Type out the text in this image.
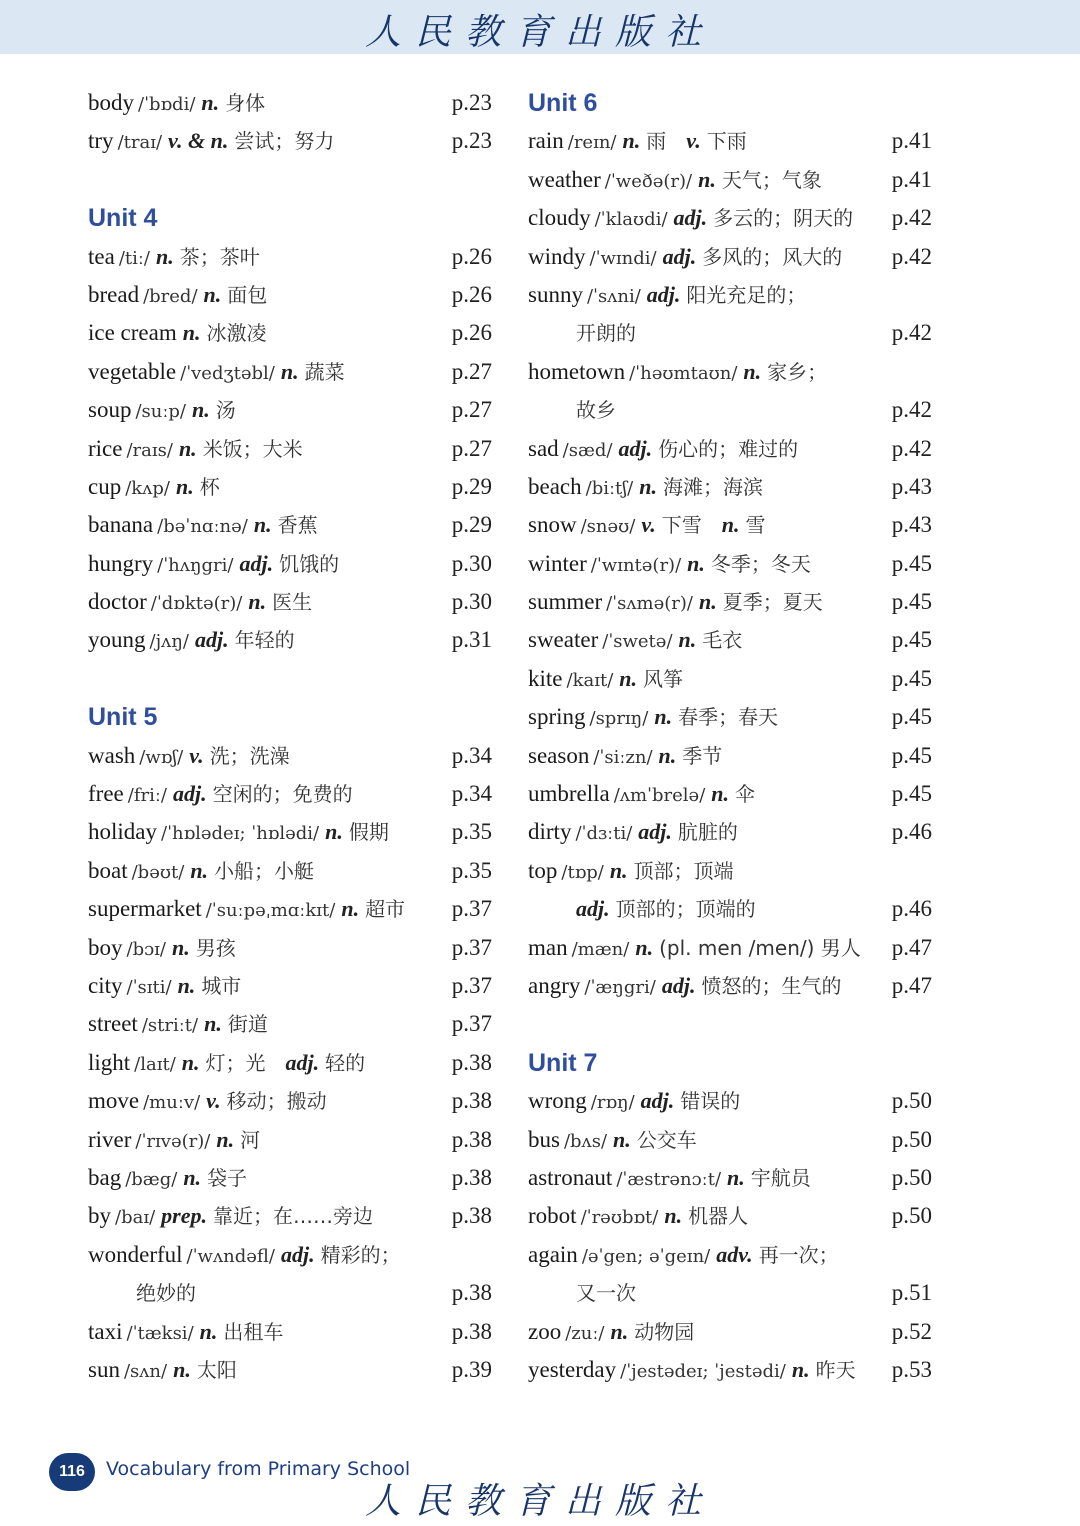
人民教育出版社
body /ˈbɒdi/ n. 身体	p.23
try /traɪ/ v. & n. 尝试；努力	p.23
Unit 4
tea /tiː/ n. 茶；茶叶	p.26
bread /bred/ n. 面包	p.26
ice cream n. 冰激凌	p.26
vegetable /ˈvedʒtəbl/ n. 蔬菜	p.27
soup /suːp/ n. 汤	p.27
rice /raɪs/ n. 米饭；大米	p.27
cup /kʌp/ n. 杯	p.29
banana /bəˈnɑːnə/ n. 香蕉	p.29
hungry /ˈhʌŋgri/ adj. 饥饿的	p.30
doctor /ˈdɒktə(r)/ n. 医生	p.30
young /jʌŋ/ adj. 年轻的	p.31
Unit 5
wash /wɒʃ/ v. 洗；洗澡	p.34
free /friː/ adj. 空闲的；免费的	p.34
holiday /ˈhɒlədeɪ; ˈhɒlədi/ n. 假期	p.35
boat /bəʊt/ n. 小船；小艇	p.35
supermarket /ˈsuːpəˌmɑːkɪt/ n. 超市 p.37
boy /bɔɪ/ n. 男孩	p.37
city /ˈsɪti/ n. 城市	p.37
street /striːt/ n. 街道	p.37
light /laɪt/ n. 灯；光 adj. 轻的	p.38
move /muːv/ v. 移动；搬动	p.38
river /ˈrɪvə(r)/ n. 河	p.38
bag /bæg/ n. 袋子	p.38
by /baɪ/ prep. 靠近；在……旁边	p.38
wonderful /ˈwʌndəfl/ adj. 精彩的；
绝妙的	p.38
taxi /ˈtæksi/ n. 出租车	p.38
sun /sʌn/ n. 太阳	p.39
Unit 6
rain /reɪn/ n. 雨 v. 下雨	p.41
weather /ˈweðə(r)/ n. 天气；气象	p.41
cloudy /ˈklaʊdi/ adj. 多云的；阴天的 p.42
windy /ˈwɪndi/ adj. 多风的；风大的 p.42
sunny /ˈsʌni/ adj. 阳光充足的；
开朗的	p.42
hometown /ˈhəʊmtaʊn/ n. 家乡；
故乡	p.42
sad /sæd/ adj. 伤心的；难过的	p.42
beach /biːtʃ/ n. 海滩；海滨	p.43
snow /snəʊ/ v. 下雪 n. 雪	p.43
winter /ˈwɪntə(r)/ n. 冬季；冬天	p.45
summer /ˈsʌmə(r)/ n. 夏季；夏天	p.45
sweater /ˈswetə/ n. 毛衣	p.45
kite /kaɪt/ n. 风筝	p.45
spring /sprɪŋ/ n. 春季；春天	p.45
season /ˈsiːzn/ n. 季节	p.45
umbrella /ʌmˈbrelə/ n. 伞	p.45
dirty /ˈdɜːti/ adj. 肮脏的	p.46
top /tɒp/ n. 顶部；顶端
adj. 顶部的；顶端的	p.46
man /mæn/ n. (pl. men /men/) 男人 p.47
angry /ˈæŋgri/ adj. 愤怒的；生气的 p.47
Unit 7
wrong /rɒŋ/ adj. 错误的	p.50
bus /bʌs/ n. 公交车	p.50
astronaut /ˈæstrənɔːt/ n. 宇航员	p.50
robot /ˈrəʊbɒt/ n. 机器人	p.50
again /əˈgen; əˈgeɪn/ adv. 再一次；
又一次	p.51
zoo /zuː/ n. 动物园	p.52
yesterday /ˈjestədeɪ; ˈjestədi/ n. 昨天 p.53
116	Vocabulary from Primary School
人民教育出版社
